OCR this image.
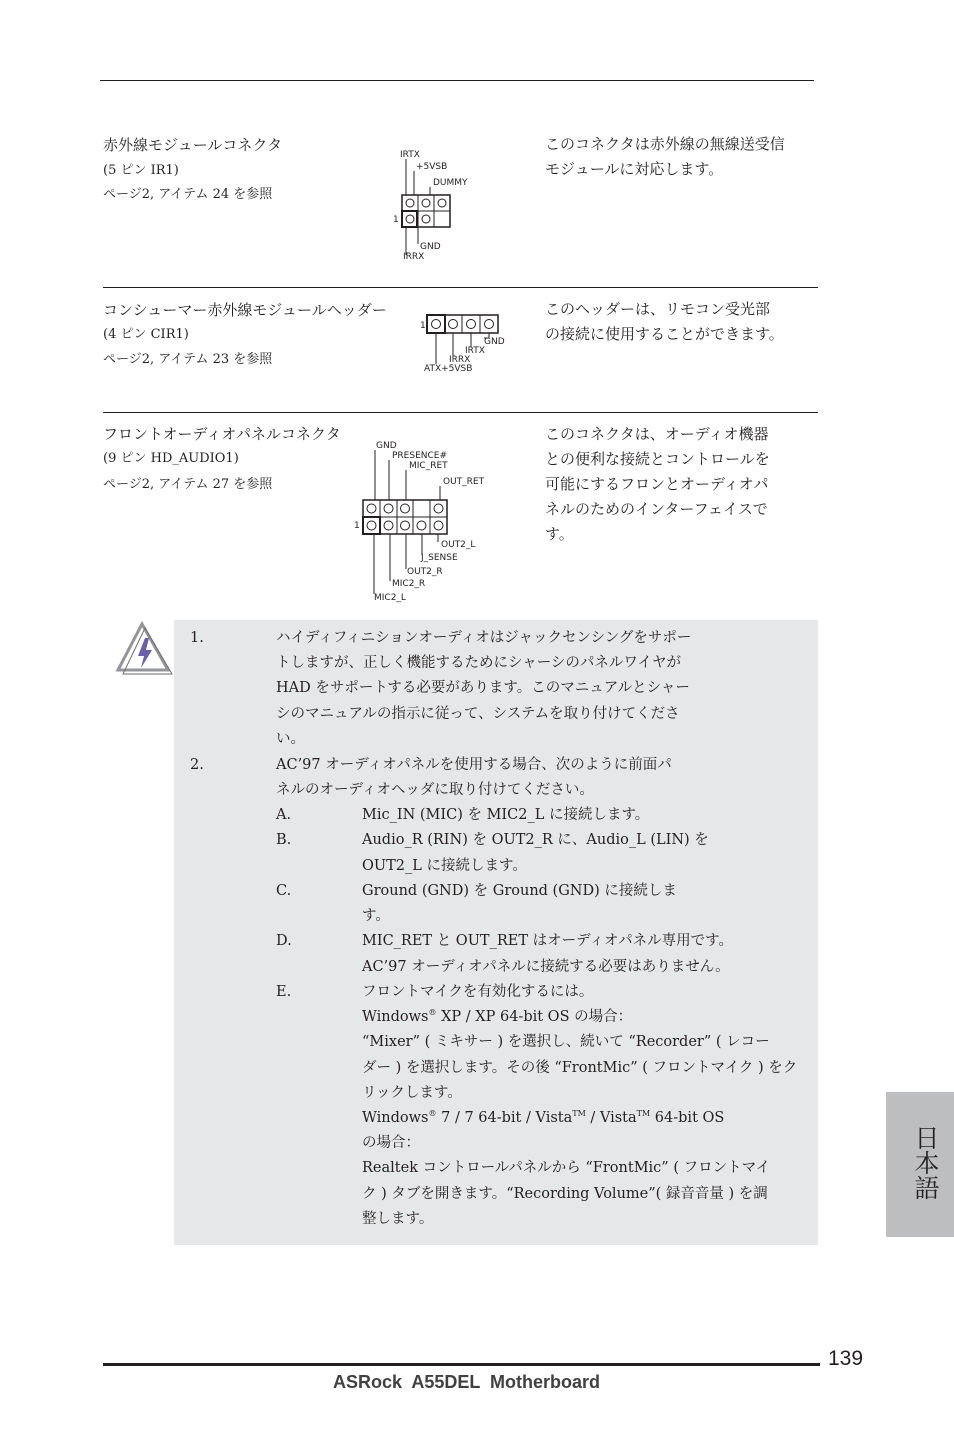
赤外線モジュールコネクタ
(5 ピン IR1)
ページ2, アイテム 24 を参照
このコネクタは赤外線の無線送受信
モジュールに対応します。
IRTX
+5VSB
DUMMY
1
GND
IRRX
コンシューマー赤外線モジュールヘッダー
(4 ピン CIR1)
ページ2, アイテム 23 を参照
このヘッダーは、リモコン受光部
の接続に使用することができます。
1
GND
IRTX
IRRX
ATX+5VSB
フロントオーディオパネルコネクタ
(9 ピン HD_AUDIO1)
ページ2, アイテム 27 を参照
このコネクタは、オーディオ機器
との便利な接続とコントロールを
可能にするフロンとオーディオパ
ネルのためのインターフェイスで
す。
GND
PRESENCE#
MIC_RET
OUT_RET
1
OUT2_L
J_SENSE
OUT2_R
MIC2_R
MIC2_L
1.	ハイディフィニションオーディオはジャックセンシングをサポー
トしますが、正しく機能するためにシャーシのパネルワイヤが
HAD をサポートする必要があります。このマニュアルとシャー
シのマニュアルの指示に従って、システムを取り付けてくださ
い。
2.	AC’97 オーディオパネルを使用する場合、次のように前面パ
ネルのオーディオヘッダに取り付けてください。
A.	Mic_IN (MIC) を MIC2_L に接続します。
B.	Audio_R (RIN) を OUT2_R に、Audio_L (LIN) を
OUT2_L に接続します。
C.	Ground (GND) を Ground (GND) に接続しま
す。
D.	MIC_RET と OUT_RET はオーディオパネル専用です。
AC’97 オーディオパネルに接続する必要はありません。
E.	フロントマイクを有効化するには。
Windows® XP / XP 64-bit OS の場合：
“Mixer” ( ミキサー ) を選択し、続いて “Recorder” ( レコー
ダー ) を選択します。その後 “FrontMic” ( フロントマイク ) をク
リックします。
Windows® 7 / 7 64-bit / Vista™ / Vista™ 64-bit OS
の場合：
Realtek コントロールパネルから “FrontMic” ( フロントマイ
ク ) タブを開きます。“Recording Volume”( 録音音量 ) を調
整します。
日本語
139
ASRock  A55DEL  Motherboard
